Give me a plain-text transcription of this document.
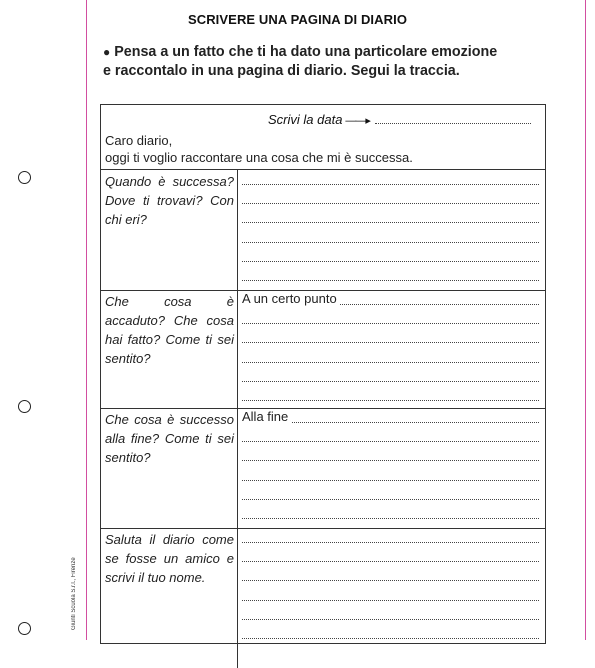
SCRIVERE UNA PAGINA DI DIARIO
● Pensa a un fatto che ti ha dato una particolare emozione
e raccontalo in una pagina di diario. Segui la traccia.
Scrivi la data ——▸
Caro diario,
oggi ti voglio raccontare una cosa che mi è successa.
Quando è successa? Dove ti trovavi? Con chi eri?
Che cosa è accaduto? Che cosa hai fatto? Come ti sei sentito?
A un certo punto
Che cosa è successo alla fine? Come ti sei sentito?
Alla fine
Saluta il diario come se fosse un amico e scrivi il tuo nome.
Giunti Scuola S.r.l., Firenze
